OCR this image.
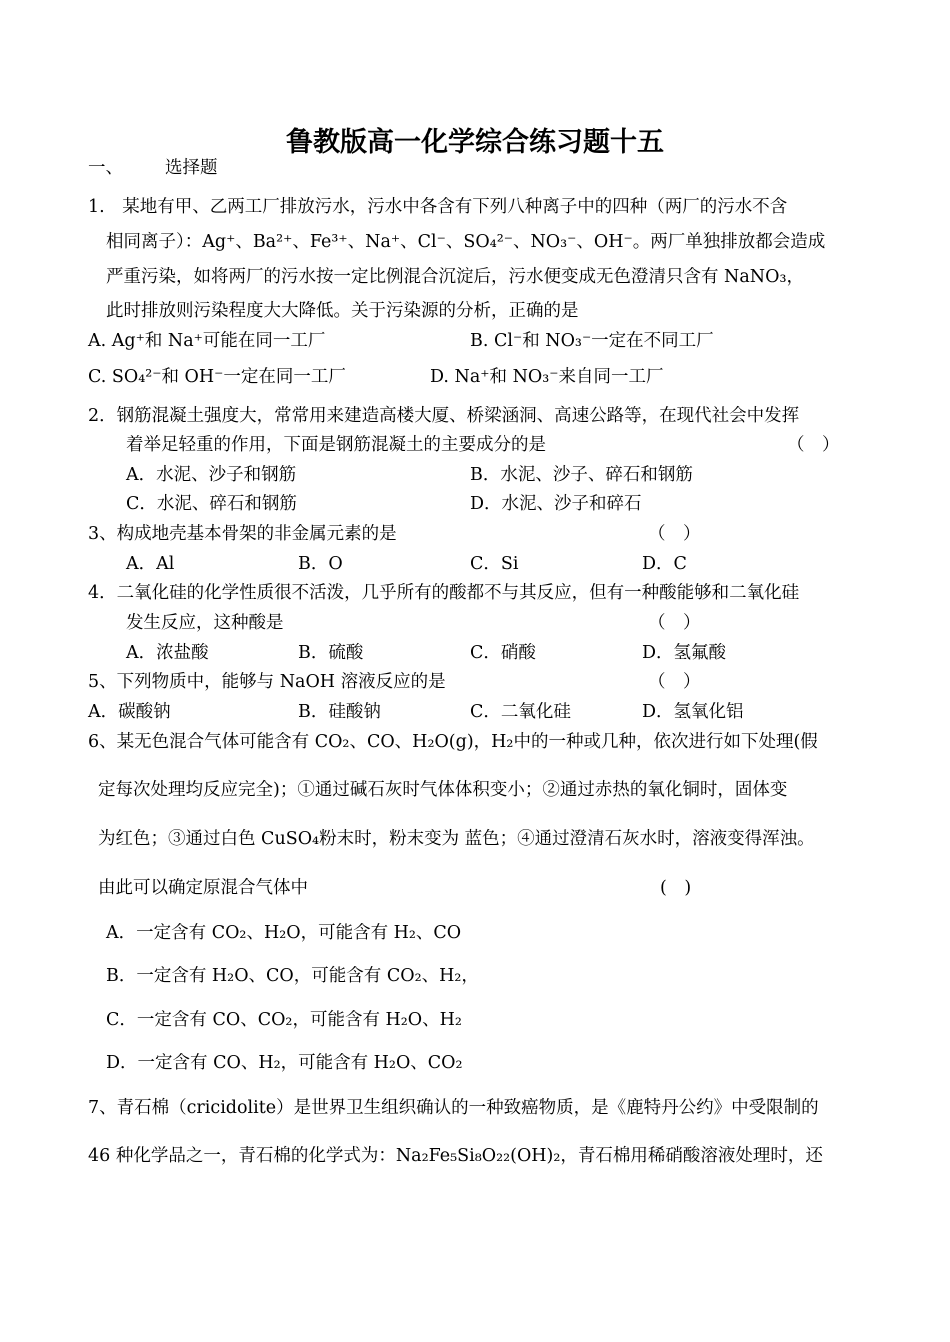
鲁教版高一化学综合练习题十五
一、 选择题
1.　某地有甲、乙两工厂排放污水，污水中各含有下列八种离子中的四种（两厂的污水不含
相同离子）：Ag⁺、Ba²⁺、Fe³⁺、Na⁺、Cl⁻、SO₄²⁻、NO₃⁻、OH⁻。两厂单独排放都会造成
严重污染，如将两厂的污水按一定比例混合沉淀后，污水便变成无色澄清只含有 NaNO₃，
此时排放则污染程度大大降低。关于污染源的分析，正确的是
A. Ag⁺和 Na⁺可能在同一工厂	B. Cl⁻和 NO₃⁻一定在不同工厂
C. SO₄²⁻和 OH⁻一定在同一工厂	D. Na⁺和 NO₃⁻来自同一工厂
2．钢筋混凝土强度大，常常用来建造高楼大厦、桥梁涵洞、高速公路等，在现代社会中发挥
着举足轻重的作用，下面是钢筋混凝土的主要成分的是	（　）
A．水泥、沙子和钢筋	B．水泥、沙子、碎石和钢筋
C．水泥、碎石和钢筋	D．水泥、沙子和碎石
3、构成地壳基本骨架的非金属元素的是	（　）
A．Al	B．O	C．Si	D．C
4．二氧化硅的化学性质很不活泼，几乎所有的酸都不与其反应，但有一种酸能够和二氧化硅
发生反应，这种酸是	（　）
A．浓盐酸	B．硫酸	C．硝酸	D．氢氟酸
5、下列物质中，能够与 NaOH 溶液反应的是	（　）
A．碳酸钠	B．硅酸钠	C．二氧化硅	D．氢氧化铝
6、某无色混合气体可能含有 CO₂、CO、H₂O(g)，H₂中的一种或几种，依次进行如下处理(假
定每次处理均反应完全)；①通过碱石灰时气体体积变小；②通过赤热的氧化铜时，固体变
为红色；③通过白色 CuSO₄粉末时，粉末变为 蓝色；④通过澄清石灰水时，溶液变得浑浊。
由此可以确定原混合气体中	(　)
A．一定含有 CO₂、H₂O，可能含有 H₂、CO
B．一定含有 H₂O、CO，可能含有 CO₂、H₂，
C．一定含有 CO、CO₂，可能含有 H₂O、H₂
D．一定含有 CO、H₂，可能含有 H₂O、CO₂
7、青石棉（cricidolite）是世界卫生组织确认的一种致癌物质，是《鹿特丹公约》中受限制的
46 种化学品之一，青石棉的化学式为：Na₂Fe₅Si₈O₂₂(OH)₂，青石棉用稀硝酸溶液处理时，还
